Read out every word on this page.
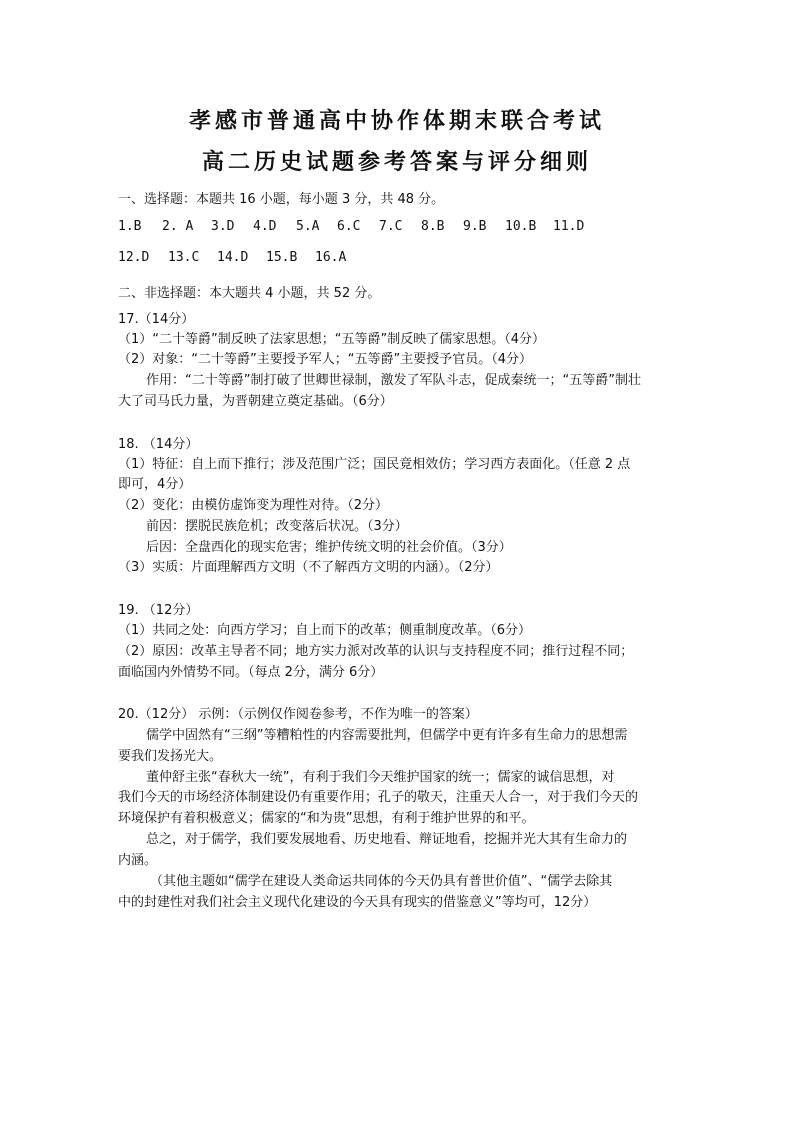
孝感市普通高中协作体期末联合考试
高二历史试题参考答案与评分细则
一、选择题：本题共 16 小题，每小题 3 分，共 48 分。
1.B 2. A 3.D 4.D 5.A 6.C 7.C 8.B 9.B 10.B 11.D
12.D 13.C 14.D 15.B 16.A
二、非选择题：本大题共 4 小题，共 52 分。
17.（14分）
（1）“二十等爵”制反映了法家思想；“五等爵”制反映了儒家思想。（4分）
（2）对象：“二十等爵”主要授予军人；“五等爵”主要授予官员。（4分）
作用：“二十等爵”制打破了世卿世禄制，激发了军队斗志，促成秦统一；“五等爵”制壮
大了司马氏力量，为晋朝建立奠定基础。（6分）
18. （14分）
（1）特征：自上而下推行；涉及范围广泛；国民竟相效仿；学习西方表面化。（任意 2 点
即可，4分）
（2）变化：由模仿虚饰变为理性对待。（2分）
前因：摆脱民族危机；改变落后状况。（3分）
后因：全盘西化的现实危害；维护传统文明的社会价值。（3分）
（3）实质：片面理解西方文明（不了解西方文明的内涵）。（2分）
19. （12分）
（1）共同之处：向西方学习；自上而下的改革；侧重制度改革。（6分）
（2）原因：改革主导者不同；地方实力派对改革的认识与支持程度不同；推行过程不同；
面临国内外情势不同。（每点 2分，满分 6分）
20.（12分） 示例：（示例仅作阅卷参考，不作为唯一的答案）
儒学中固然有“三纲”等糟粕性的内容需要批判，但儒学中更有许多有生命力的思想需
要我们发扬光大。
董仲舒主张“春秋大一统”，有利于我们今天维护国家的统一；儒家的诚信思想，对
我们今天的市场经济体制建设仍有重要作用；孔子的敬天，注重天人合一，对于我们今天的
环境保护有着积极意义；儒家的“和为贵”思想，有利于维护世界的和平。
总之，对于儒学，我们要发展地看、历史地看、辩证地看，挖掘并光大其有生命力的
内涵。
（其他主题如“儒学在建设人类命运共同体的今天仍具有普世价值”、“儒学去除其
中的封建性对我们社会主义现代化建设的今天具有现实的借鉴意义”等均可，12分）
